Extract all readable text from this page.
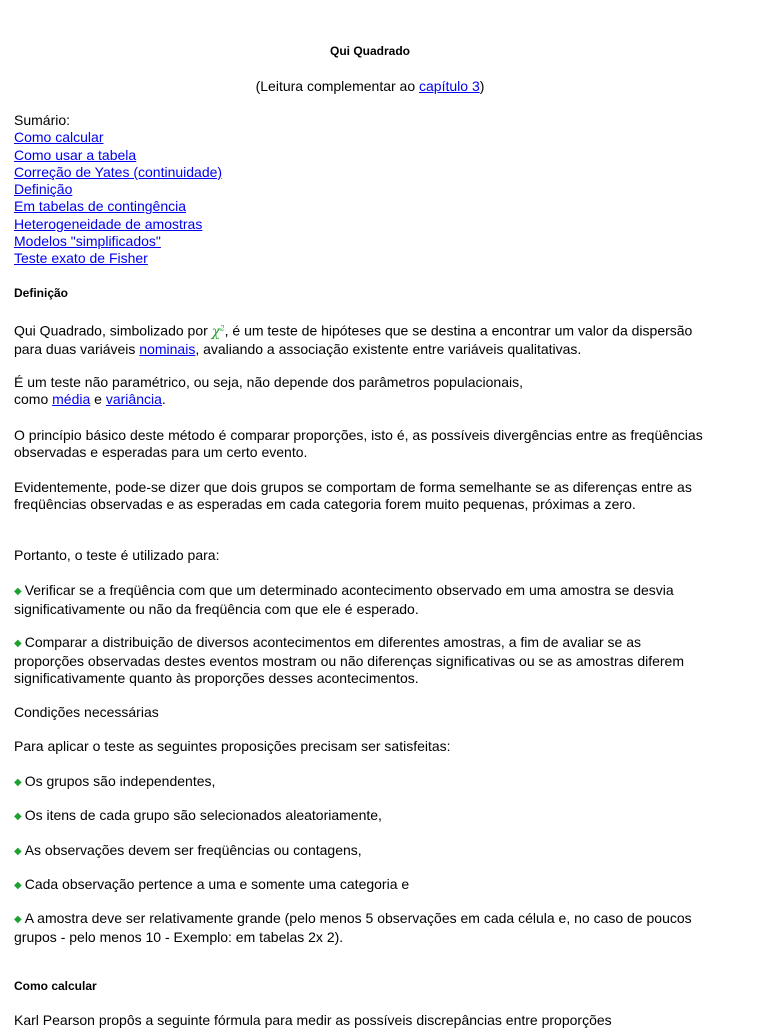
Qui Quadrado
(Leitura complementar ao capítulo 3)
Sumário:
Como calcular
Como usar a tabela
Correção de Yates (continuidade)
Definição
Em tabelas de contingência
Heterogeneidade de amostras
Modelos "simplificados"
Teste exato de Fisher
Definição
Qui Quadrado, simbolizado por $\chi^2$, é um teste de hipóteses que se destina a encontrar um valor da dispersão para duas variáveis nominais, avaliando a associação existente entre variáveis qualitativas.
É um teste não paramétrico, ou seja, não depende dos parâmetros populacionais,
como média e variância.
O princípio básico deste método é comparar proporções, isto é, as possíveis divergências entre as freqüências observadas e esperadas para um certo evento.
Evidentemente, pode-se dizer que dois grupos se comportam de forma semelhante se as diferenças entre as freqüências observadas e as esperadas em cada categoria forem muito pequenas, próximas a zero.
Portanto, o teste é utilizado para:
◆ Verificar se a freqüência com que um determinado acontecimento observado em uma amostra se desvia significativamente ou não da freqüência com que ele é esperado.
◆ Comparar a distribuição de diversos acontecimentos em diferentes amostras, a fim de avaliar se as proporções observadas destes eventos mostram ou não diferenças significativas ou se as amostras diferem significativamente quanto às proporções desses acontecimentos.
Condições necessárias
Para aplicar o teste as seguintes proposições precisam ser satisfeitas:
◆ Os grupos são independentes,
◆ Os itens de cada grupo são selecionados aleatoriamente,
◆ As observações devem ser freqüências ou contagens,
◆ Cada observação pertence a uma e somente uma categoria e
◆ A amostra deve ser relativamente grande (pelo menos 5 observações em cada célula e, no caso de poucos grupos - pelo menos 10 - Exemplo: em tabelas 2x 2).
Como calcular
Karl Pearson propôs a seguinte fórmula para medir as possíveis discrepâncias entre proporções
